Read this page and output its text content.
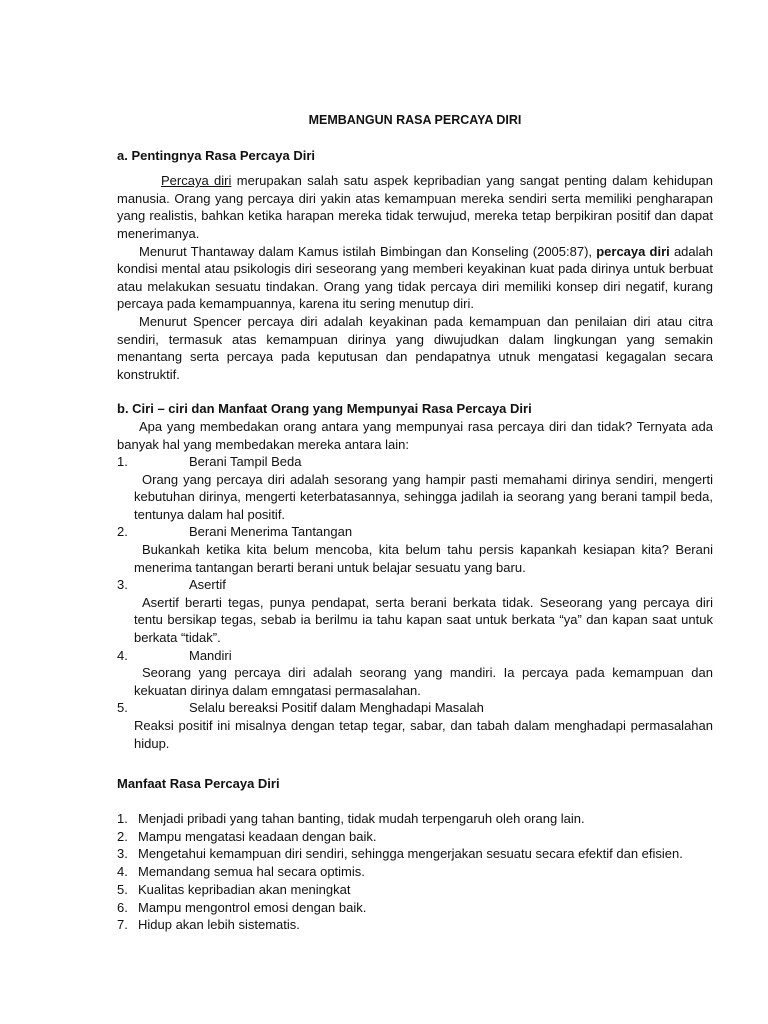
MEMBANGUN RASA PERCAYA DIRI
a. Pentingnya Rasa Percaya Diri

Percaya diri merupakan salah satu aspek kepribadian yang sangat penting dalam kehidupan manusia. Orang yang percaya diri yakin atas kemampuan mereka sendiri serta memiliki pengharapan yang realistis, bahkan ketika harapan mereka tidak terwujud, mereka tetap berpikiran positif dan dapat menerimanya.

Menurut Thantaway dalam Kamus istilah Bimbingan dan Konseling (2005:87), percaya diri adalah kondisi mental atau psikologis diri seseorang yang memberi keyakinan kuat pada dirinya untuk berbuat atau melakukan sesuatu tindakan. Orang yang tidak percaya diri memiliki konsep diri negatif, kurang percaya pada kemampuannya, karena itu sering menutup diri.

Menurut Spencer percaya diri adalah keyakinan pada kemampuan dan penilaian diri atau citra sendiri, termasuk atas kemampuan dirinya yang diwujudkan dalam lingkungan yang semakin menantang serta percaya pada keputusan dan pendapatnya utnuk mengatasi kegagalan secara konstruktif.

b. Ciri – ciri dan Manfaat Orang yang Mempunyai Rasa Percaya Diri

Apa yang membedakan orang antara yang mempunyai rasa percaya diri dan tidak? Ternyata ada banyak hal yang membedakan mereka antara lain:

1.	Berani Tampil Beda

Orang yang percaya diri adalah sesorang yang hampir pasti memahami dirinya sendiri, mengerti kebutuhan dirinya, mengerti keterbatasannya, sehingga jadilah ia seorang yang berani tampil beda, tentunya dalam hal positif.

2.	Berani Menerima Tantangan

Bukankah ketika kita belum mencoba, kita belum tahu persis kapankah kesiapan kita? Berani menerima tantangan berarti berani untuk belajar sesuatu yang baru.

3.	Asertif

Asertif berarti tegas, punya pendapat, serta berani berkata tidak. Seseorang yang percaya diri tentu bersikap tegas, sebab ia berilmu ia tahu kapan saat untuk berkata “ya” dan kapan saat untuk berkata “tidak”.

4.	Mandiri

Seorang yang percaya diri adalah seorang yang mandiri. Ia percaya pada kemampuan dan kekuatan dirinya dalam emngatasi permasalahan.

5.	Selalu bereaksi Positif dalam Menghadapi Masalah

Reaksi positif ini misalnya dengan tetap tegar, sabar, dan tabah dalam menghadapi permasalahan hidup.

Manfaat Rasa Percaya Diri
1. Menjadi pribadi yang tahan banting, tidak mudah terpengaruh oleh orang lain.
2. Mampu mengatasi keadaan dengan baik.
3. Mengetahui kemampuan diri sendiri, sehingga mengerjakan sesuatu secara efektif dan efisien.
4. Memandang semua hal secara optimis.
5. Kualitas kepribadian akan meningkat
6. Mampu mengontrol emosi dengan baik.
7. Hidup akan lebih sistematis.
